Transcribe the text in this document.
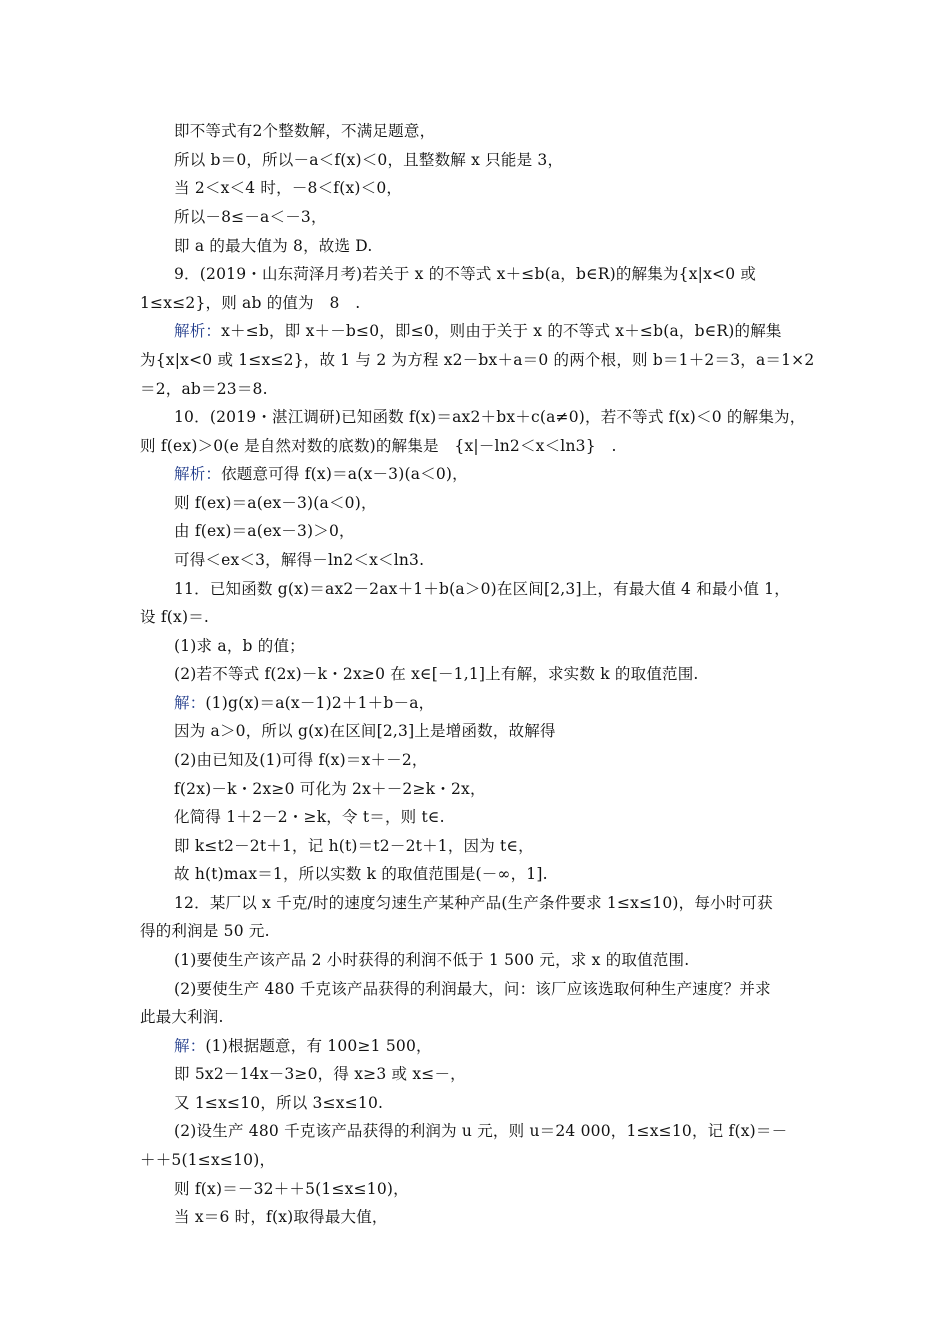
即不等式有2个整数解，不满足题意，
所以 b＝0，所以－a＜f(x)＜0，且整数解 x 只能是 3，
当 2＜x＜4 时，－8＜f(x)＜0，
所以－8≤－a＜－3，
即 a 的最大值为 8，故选 D.
9．(2019・山东菏泽月考)若关于 x 的不等式 x＋≤b(a，b∈R)的解集为{x|x<0 或
1≤x≤2}，则 ab 的值为　8　.
解析：x＋≤b，即 x＋－b≤0，即≤0，则由于关于 x 的不等式 x＋≤b(a，b∈R)的解集
为{x|x<0 或 1≤x≤2}，故 1 与 2 为方程 x2－bx＋a＝0 的两个根，则 b＝1＋2＝3，a＝1×2
＝2，ab＝23＝8.
10．(2019・湛江调研)已知函数 f(x)＝ax2＋bx＋c(a≠0)，若不等式 f(x)＜0 的解集为，
则 f(ex)＞0(e 是自然对数的底数)的解集是　{x|－ln2＜x＜ln3}　.
解析：依题意可得 f(x)＝a(x－3)(a＜0)，
则 f(ex)＝a(ex－3)(a＜0)，
由 f(ex)＝a(ex－3)＞0，
可得＜ex＜3，解得－ln2＜x＜ln3.
11．已知函数 g(x)＝ax2－2ax＋1＋b(a＞0)在区间[2,3]上，有最大值 4 和最小值 1，
设 f(x)＝.
(1)求 a，b 的值；
(2)若不等式 f(2x)－k・2x≥0 在 x∈[－1,1]上有解，求实数 k 的取值范围.
解：(1)g(x)＝a(x－1)2＋1＋b－a，
因为 a＞0，所以 g(x)在区间[2,3]上是增函数，故解得
(2)由已知及(1)可得 f(x)＝x＋－2，
f(2x)－k・2x≥0 可化为 2x＋－2≥k・2x，
化简得 1＋2－2・≥k，令 t＝，则 t∈.
即 k≤t2－2t＋1，记 h(t)＝t2－2t＋1，因为 t∈，
故 h(t)max＝1，所以实数 k 的取值范围是(－∞，1].
12．某厂以 x 千克/时的速度匀速生产某种产品(生产条件要求 1≤x≤10)，每小时可获
得的利润是 50 元.
(1)要使生产该产品 2 小时获得的利润不低于 1 500 元，求 x 的取值范围.
(2)要使生产 480 千克该产品获得的利润最大，问：该厂应该选取何种生产速度？并求
此最大利润.
解：(1)根据题意，有 100≥1 500，
即 5x2－14x－3≥0，得 x≥3 或 x≤－，
又 1≤x≤10，所以 3≤x≤10.
(2)设生产 480 千克该产品获得的利润为 u 元，则 u＝24 000，1≤x≤10，记 f(x)＝－
＋＋5(1≤x≤10)，
则 f(x)＝－32＋＋5(1≤x≤10)，
当 x＝6 时，f(x)取得最大值，
